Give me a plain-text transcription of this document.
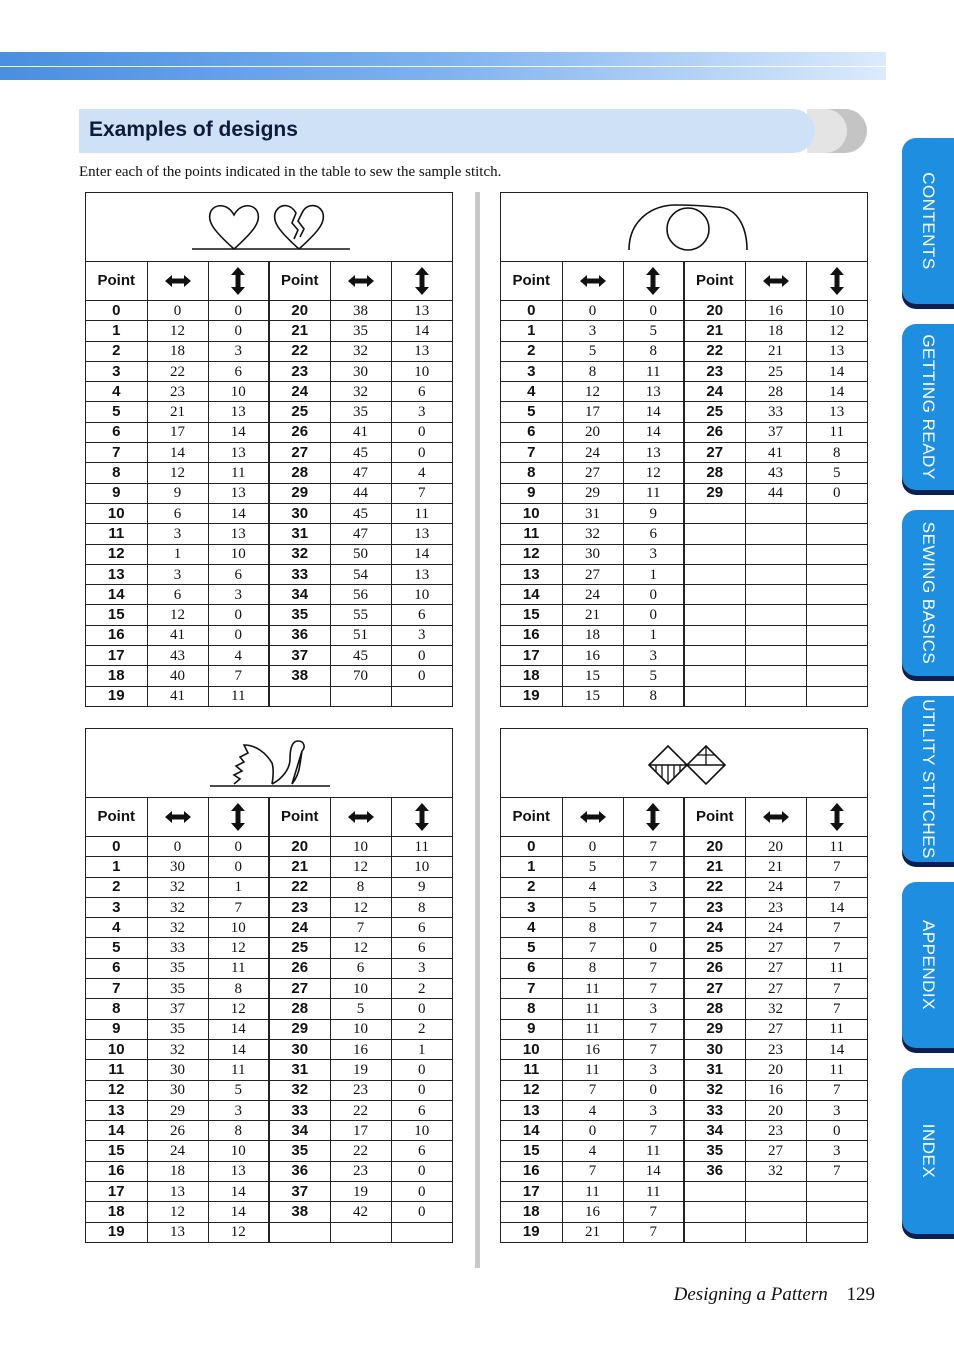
Examples of designs
Enter each of the points indicated in the table to sew the sample stitch.
Point			Point		
0	0	0	20	38	13
1	12	0	21	35	14
2	18	3	22	32	13
3	22	6	23	30	10
4	23	10	24	32	6
5	21	13	25	35	3
6	17	14	26	41	0
7	14	13	27	45	0
8	12	11	28	47	4
9	9	13	29	44	7
10	6	14	30	45	11
11	3	13	31	47	13
12	1	10	32	50	14
13	3	6	33	54	13
14	6	3	34	56	10
15	12	0	35	55	6
16	41	0	36	51	3
17	43	4	37	45	0
18	40	7	38	70	0
19	41	11			
Point			Point		
0	0	0	20	16	10
1	3	5	21	18	12
2	5	8	22	21	13
3	8	11	23	25	14
4	12	13	24	28	14
5	17	14	25	33	13
6	20	14	26	37	11
7	24	13	27	41	8
8	27	12	28	43	5
9	29	11	29	44	0
10	31	9			
11	32	6			
12	30	3			
13	27	1			
14	24	0			
15	21	0			
16	18	1			
17	16	3			
18	15	5			
19	15	8			
Point			Point		
0	0	0	20	10	11
1	30	0	21	12	10
2	32	1	22	8	9
3	32	7	23	12	8
4	32	10	24	7	6
5	33	12	25	12	6
6	35	11	26	6	3
7	35	8	27	10	2
8	37	12	28	5	0
9	35	14	29	10	2
10	32	14	30	16	1
11	30	11	31	19	0
12	30	5	32	23	0
13	29	3	33	22	6
14	26	8	34	17	10
15	24	10	35	22	6
16	18	13	36	23	0
17	13	14	37	19	0
18	12	14	38	42	0
19	13	12			
Point			Point		
0	0	7	20	20	11
1	5	7	21	21	7
2	4	3	22	24	7
3	5	7	23	23	14
4	8	7	24	24	7
5	7	0	25	27	7
6	8	7	26	27	11
7	11	7	27	27	7
8	11	3	28	32	7
9	11	7	29	27	11
10	16	7	30	23	14
11	11	3	31	20	11
12	7	0	32	16	7
13	4	3	33	20	3
14	0	7	34	23	0
15	4	11	35	27	3
16	7	14	36	32	7
17	11	11			
18	16	7			
19	21	7			
CONTENTS
GETTING READY
SEWING BASICS
UTILITY STITCHES
APPENDIX
INDEX
Designing a Pattern 129
